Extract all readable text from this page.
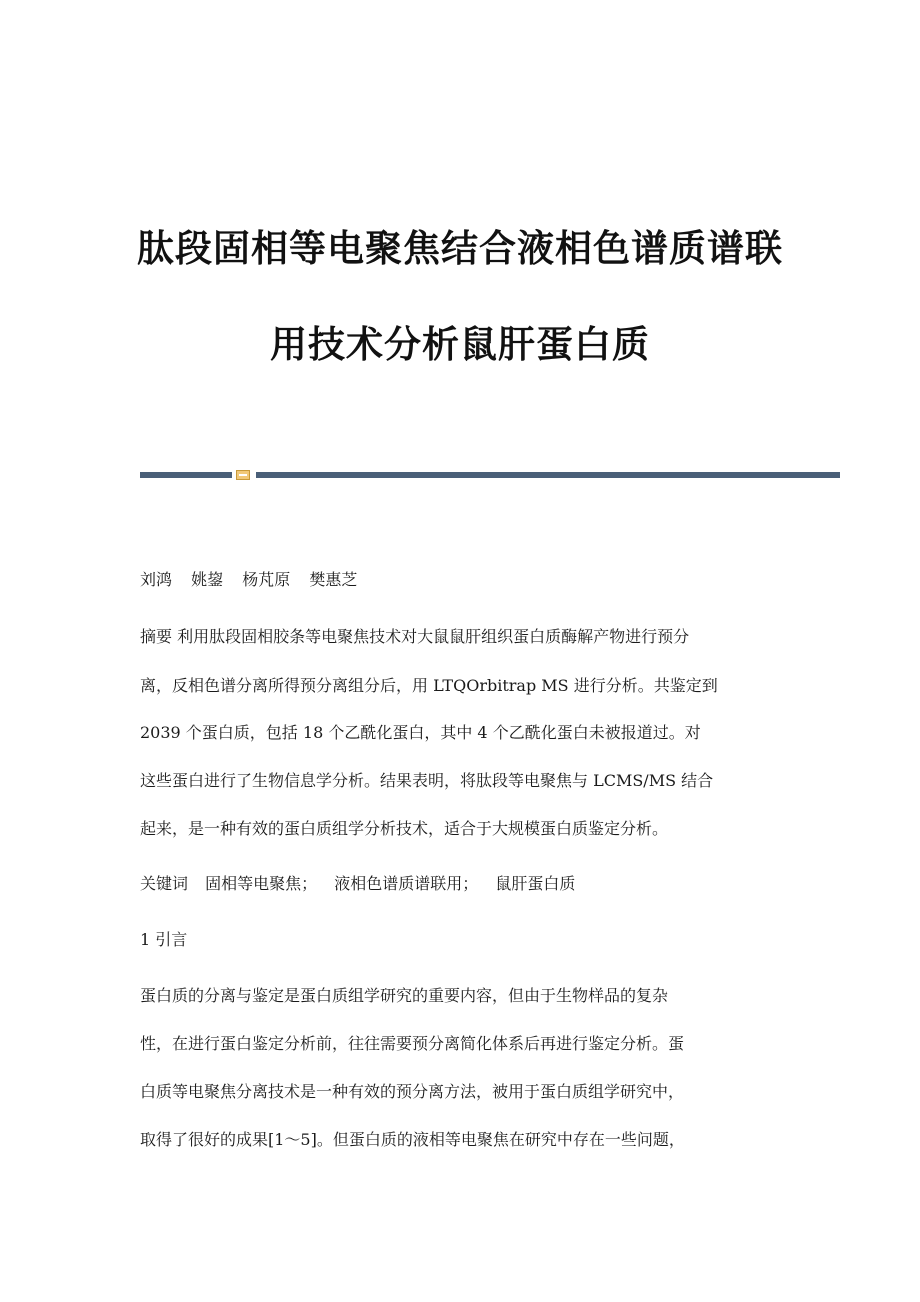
肽段固相等电聚焦结合液相色谱质谱联
用技术分析鼠肝蛋白质
刘鸿 姚鋆 杨芃原 樊惠芝
摘要 利用肽段固相胶条等电聚焦技术对大鼠鼠肝组织蛋白质酶解产物进行预分
离，反相色谱分离所得预分离组分后，用 LTQOrbitrap MS 进行分析。共鉴定到
2039 个蛋白质，包括 18 个乙酰化蛋白，其中 4 个乙酰化蛋白未被报道过。对
这些蛋白进行了生物信息学分析。结果表明，将肽段等电聚焦与 LCMS/MS 结合
起来，是一种有效的蛋白质组学分析技术，适合于大规模蛋白质鉴定分析。
关键词 固相等电聚焦； 液相色谱质谱联用； 鼠肝蛋白质
1 引言
蛋白质的分离与鉴定是蛋白质组学研究的重要内容，但由于生物样品的复杂
性，在进行蛋白鉴定分析前，往往需要预分离简化体系后再进行鉴定分析。蛋
白质等电聚焦分离技术是一种有效的预分离方法，被用于蛋白质组学研究中，
取得了很好的成果[1～5]。但蛋白质的液相等电聚焦在研究中存在一些问题，
